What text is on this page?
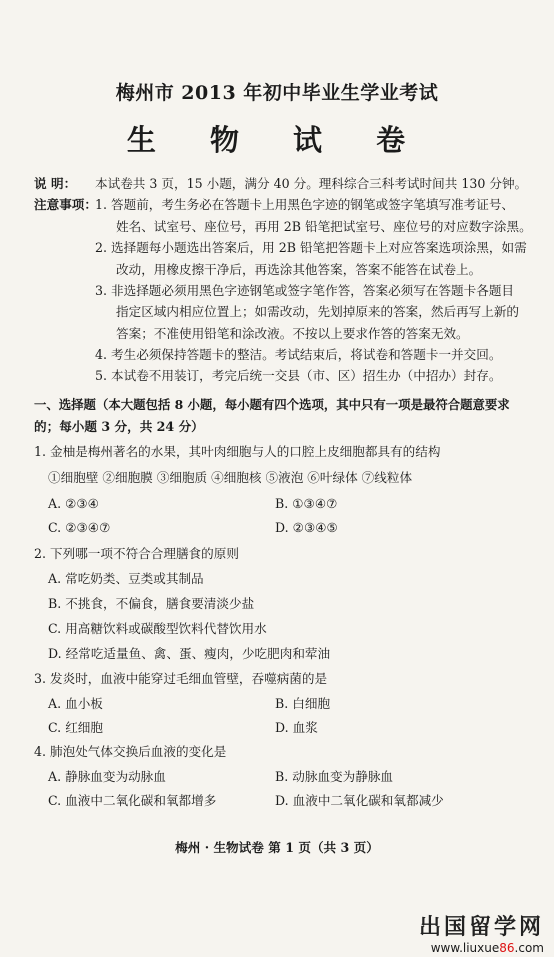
梅州市 2013 年初中毕业生学业考试
生 物 试 卷
说 明： 本试卷共 3 页，15 小题，满分 40 分。理科综合三科考试时间共 130 分钟。
注意事项：
1. 答题前，考生务必在答题卡上用黑色字迹的钢笔或签字笔填写准考证号、
姓名、试室号、座位号，再用 2B 铅笔把试室号、座位号的对应数字涂黑。
2. 选择题每小题选出答案后，用 2B 铅笔把答题卡上对应答案选项涂黑，如需
改动，用橡皮擦干净后，再选涂其他答案，答案不能答在试卷上。
3. 非选择题必须用黑色字迹钢笔或签字笔作答，答案必须写在答题卡各题目
指定区域内相应位置上；如需改动，先划掉原来的答案，然后再写上新的
答案；不准使用铅笔和涂改液。不按以上要求作答的答案无效。
4. 考生必须保持答题卡的整洁。考试结束后，将试卷和答题卡一并交回。
5. 本试卷不用装订，考完后统一交县（市、区）招生办（中招办）封存。
一、选择题（本大题包括 8 小题，每小题有四个选项，其中只有一项是最符合题意要求
的；每小题 3 分，共 24 分）
1. 金柚是梅州著名的水果，其叶肉细胞与人的口腔上皮细胞都具有的结构
①细胞壁 ②细胞膜 ③细胞质 ④细胞核 ⑤液泡 ⑥叶绿体 ⑦线粒体
A. ②③④	B. ①③④⑦
C. ②③④⑦	D. ②③④⑤
2. 下列哪一项不符合合理膳食的原则
A. 常吃奶类、豆类或其制品
B. 不挑食，不偏食，膳食要清淡少盐
C. 用高糖饮料或碳酸型饮料代替饮用水
D. 经常吃适量鱼、禽、蛋、瘦肉，少吃肥肉和荤油
3. 发炎时，血液中能穿过毛细血管壁，吞噬病菌的是
A. 血小板	B. 白细胞
C. 红细胞	D. 血浆
4. 肺泡处气体交换后血液的变化是
A. 静脉血变为动脉血	B. 动脉血变为静脉血
C. 血液中二氧化碳和氧都增多	D. 血液中二氧化碳和氧都减少
梅州 · 生物试卷 第 1 页（共 3 页）
出国留学网
www.liuxue86.com
